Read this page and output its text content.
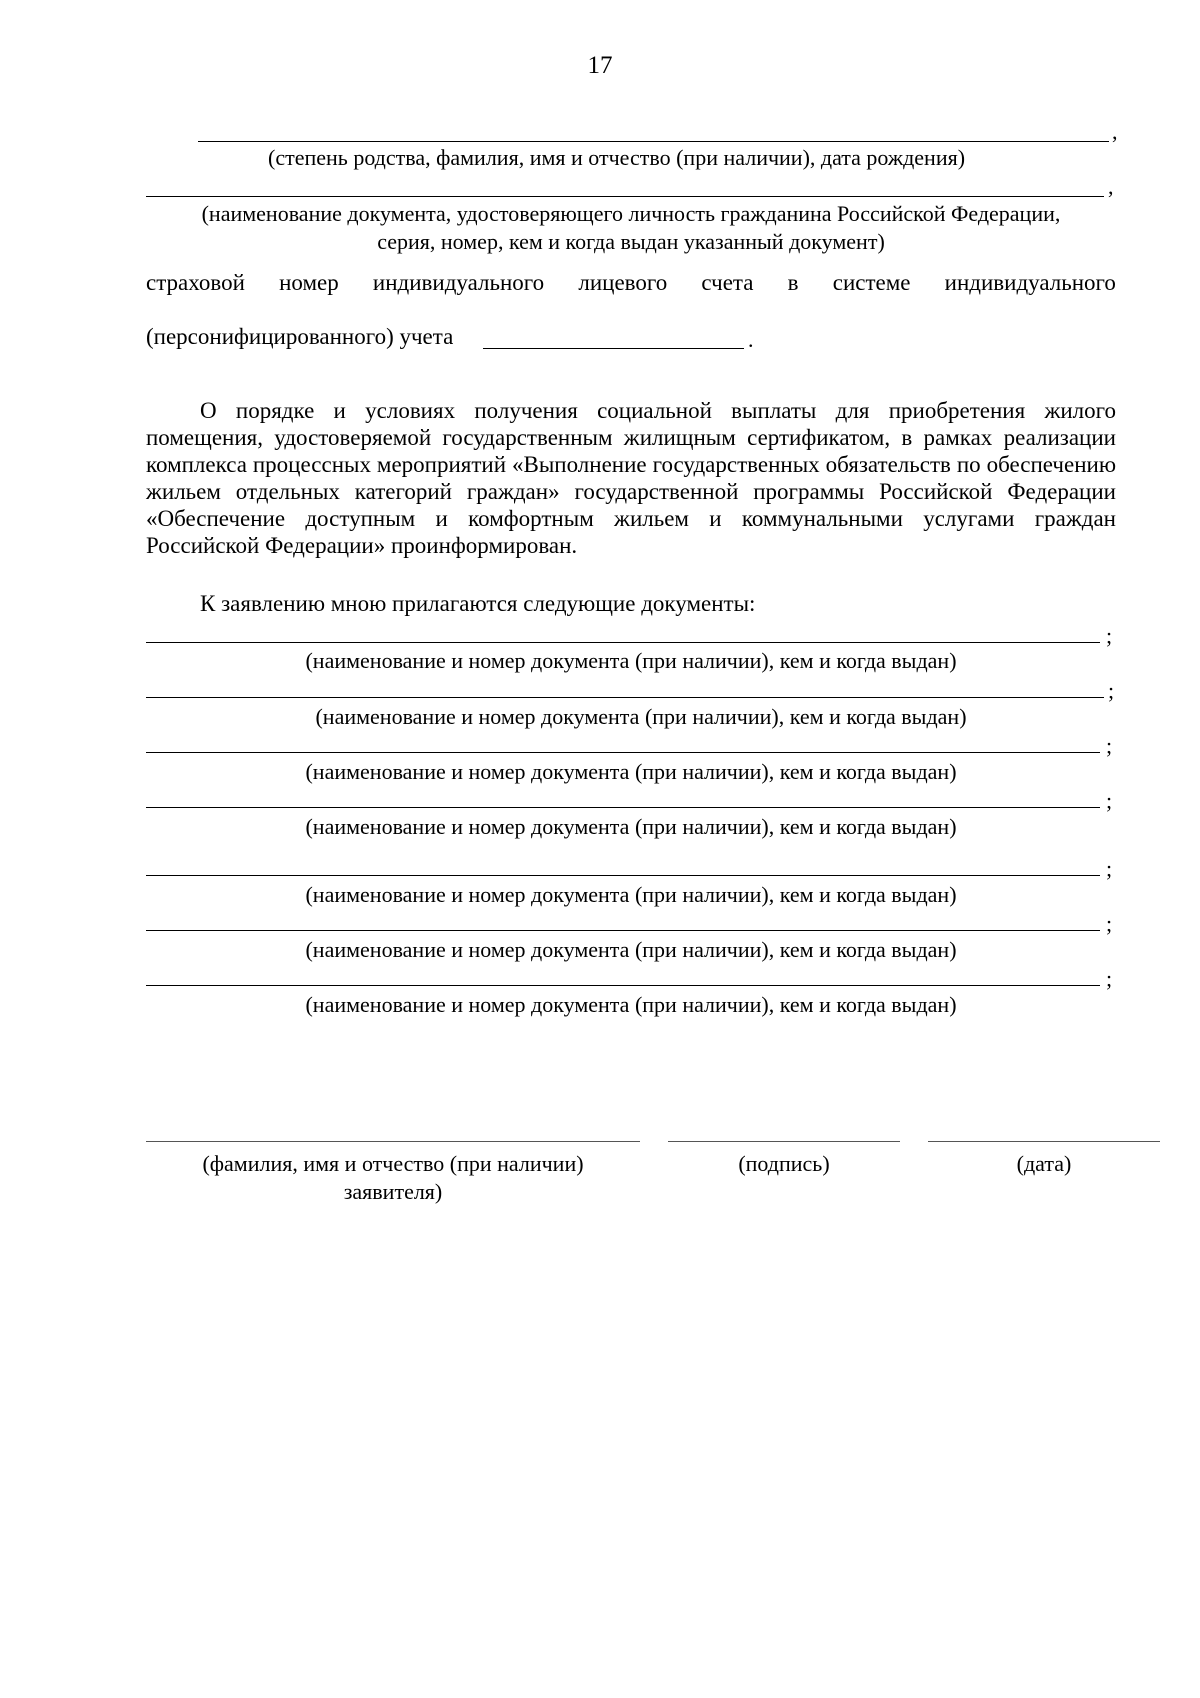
17
,
(степень родства, фамилия, имя и отчество (при наличии), дата рождения)
,
(наименование документа, удостоверяющего личность гражданина Российской Федерации,
серия, номер, кем и когда выдан указанный документ)
страховой номер индивидуального лицевого счета в системе индивидуального
(персонифицированного) учета	.
О порядке и условиях получения социальной выплаты для приобретения жилого помещения, удостоверяемой государственным жилищным сертификатом, в рамках реализации комплекса процессных мероприятий «Выполнение государственных обязательств по обеспечению жильем отдельных категорий граждан» государственной программы Российской Федерации «Обеспечение доступным и комфортным жильем и коммунальными услугами граждан Российской Федерации» проинформирован.
К заявлению мною прилагаются следующие документы:
;
(наименование и номер документа (при наличии), кем и когда выдан)
;
(наименование и номер документа (при наличии), кем и когда выдан)
;
(наименование и номер документа (при наличии), кем и когда выдан)
;
(наименование и номер документа (при наличии), кем и когда выдан)
;
(наименование и номер документа (при наличии), кем и когда выдан)
;
(наименование и номер документа (при наличии), кем и когда выдан)
;
(наименование и номер документа (при наличии), кем и когда выдан)
(фамилия, имя и отчество (при наличии)
заявителя)
(подпись)	(дата)
